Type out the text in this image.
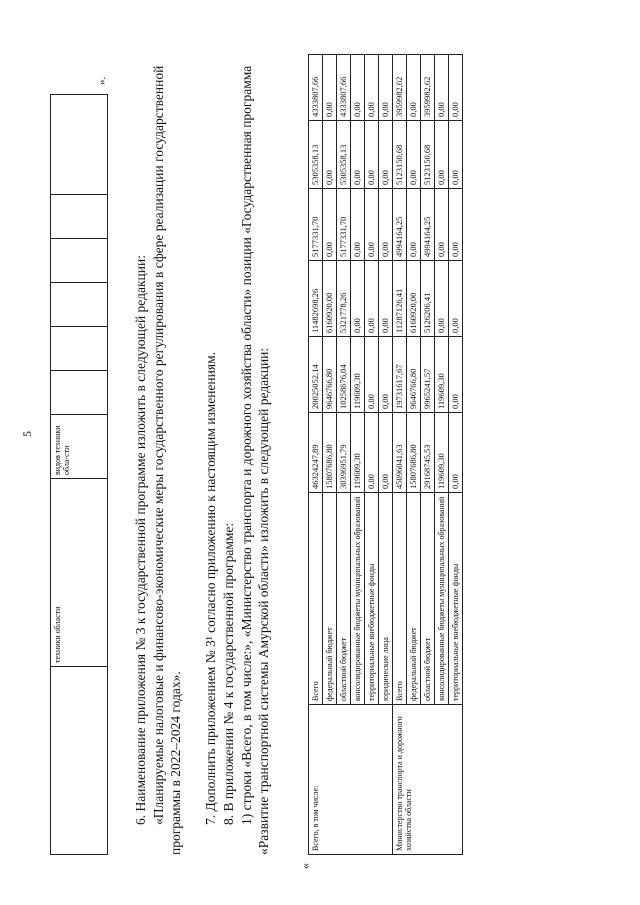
5
	техники области	видов техники обла-сти						
».
6. Наименование приложения № 3 к государственной программе изложить в следующей редакции: «Планируемые налоговые и финансово-экономические меры государственного регулирования в сфере реализации государственной программы в 2022–2024 годах». 7. Дополнить приложением № 3¹ согласно приложению к настоящим изменениям. 8. В приложении № 4 к государственной программе: 1) строки «Всего, в том числе:», «Министерство транспорта и дорожного хозяйства области» позиции «Государственная программа «Развитие транспортной системы Амурской области» изложить в следующей редакции:
«
Всего, в том числе:	Всего	46324247,89	20025052,14	11482698,26	5177331,70	5305358,13	4333807,66
	федеральный бюджет	15807686,80	9646766,80	6160920,00	0,00	0,00	0,00
	областной бюджет	30396951,79	10258676,04	5321778,26	5177331,70	5305358,13	4333807,66
	консолидированные бюджеты муниципальных образований	119609,30	119609,30	0,00	0,00	0,00	0,00
	территориальные внебюджетные фонды	0,00	0,00	0,00	0,00	0,00	0,00
	юридические лица	0,00	0,00	0,00	0,00	0,00	0,00
Министерство транспорта и дорожного хозяйства области	Всего	45096041,63	19731617,67	11287126,41	4994164,25	5123150,68	3959982,62
	федеральный бюджет	15807686,80	9646766,80	6160920,00	0,00	0,00	0,00
	областной бюджет	29168745,53	9965241,57	5126206,41	4994164,25	5123150,68	3959982,62
	консолидированные бюджеты муниципальных образований	119609,30	119609,30	0,00	0,00	0,00	0,00
	территориальные внебюджетные фонды	0,00	0,00	0,00	0,00	0,00	0,00
